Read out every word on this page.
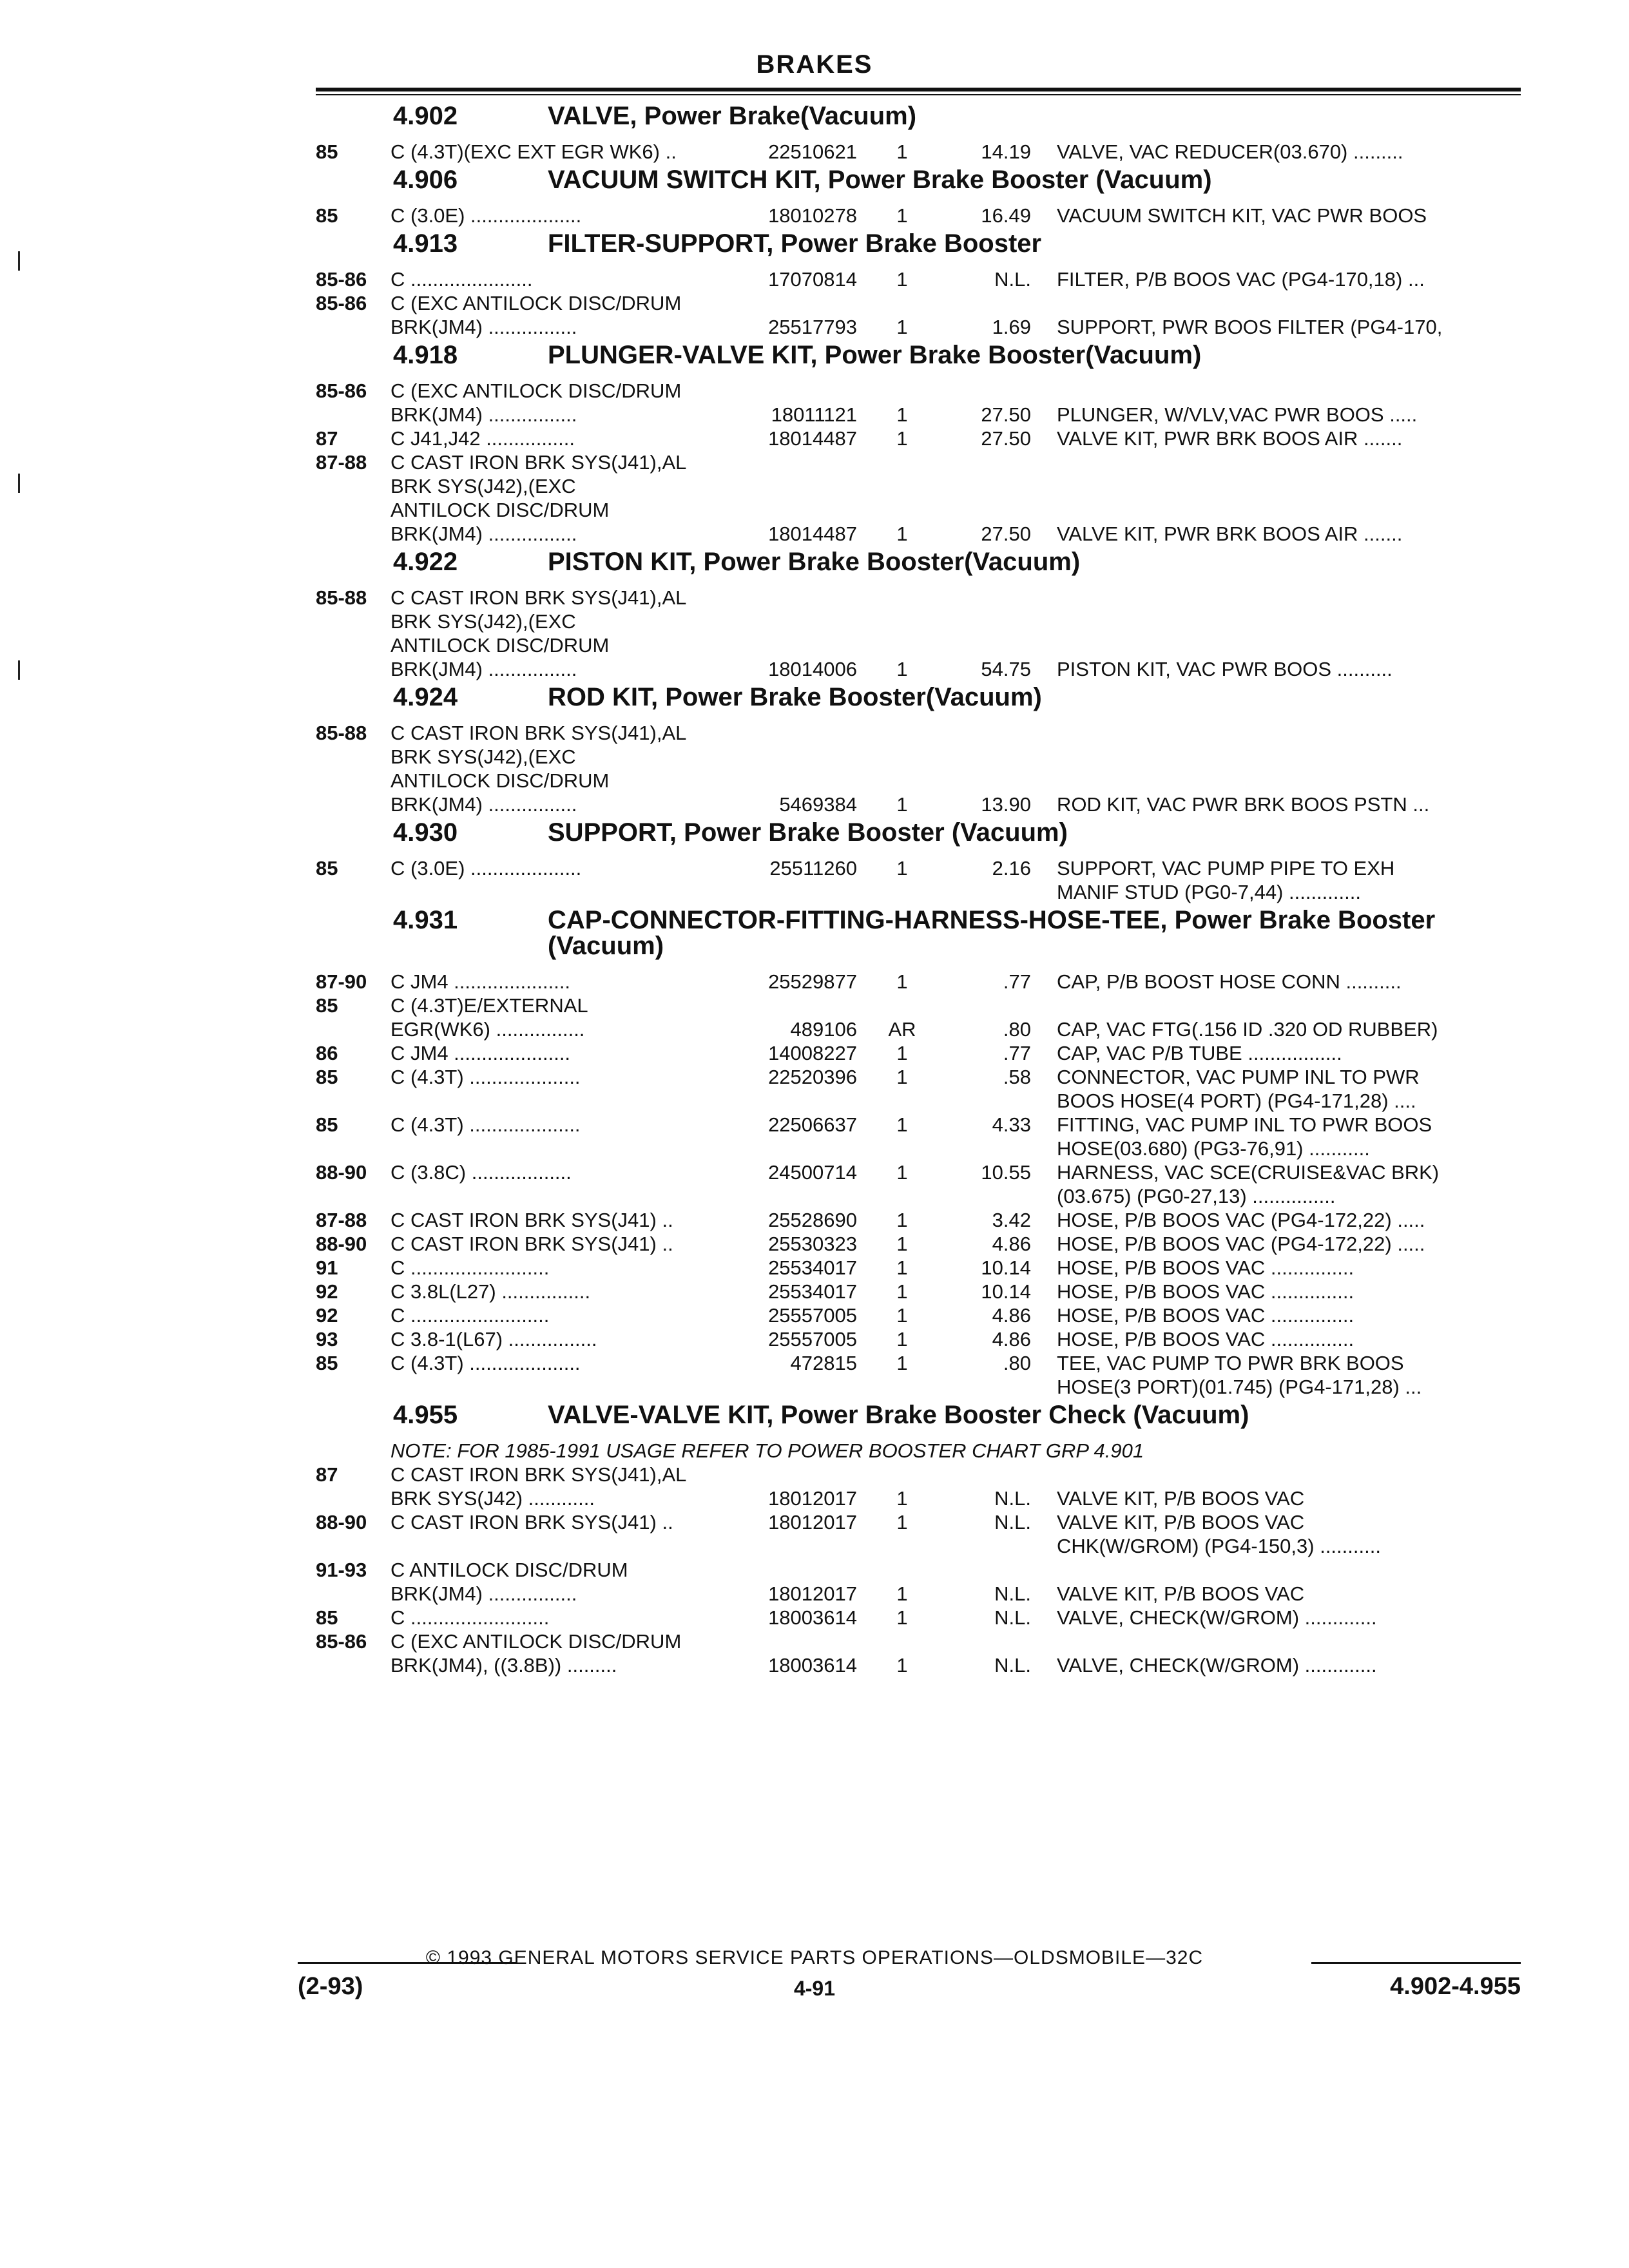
BRAKES
4.902	VALVE, Power Brake(Vacuum)
85	C (4.3T)(EXC EXT EGR WK6) ..	22510621	1	14.19 VALVE, VAC REDUCER(03.670) .........
4.906	VACUUM SWITCH KIT, Power Brake Booster (Vacuum)
85	C (3.0E) ....................	18010278	1	16.49 VACUUM SWITCH KIT, VAC PWR BOOS
4.913	FILTER-SUPPORT, Power Brake Booster
85-86 C ......................	17070814	1	N.L. FILTER, P/B BOOS VAC (PG4-170,18) ...
85-86 C (EXC ANTILOCK DISC/DRUM
BRK(JM4) ................	25517793	1	1.69 SUPPORT, PWR BOOS FILTER (PG4-170,
4.918	PLUNGER-VALVE KIT, Power Brake Booster(Vacuum)
85-86 C (EXC ANTILOCK DISC/DRUM
BRK(JM4) ................	18011121	1	27.50 PLUNGER, W/VLV,VAC PWR BOOS .....
87	C J41,J42 ................	18014487	1	27.50 VALVE KIT, PWR BRK BOOS AIR .......
87-88 C CAST IRON BRK SYS(J41),AL
BRK SYS(J42),(EXC
ANTILOCK DISC/DRUM
BRK(JM4) ................	18014487	1	27.50 VALVE KIT, PWR BRK BOOS AIR .......
4.922	PISTON KIT, Power Brake Booster(Vacuum)
85-88 C CAST IRON BRK SYS(J41),AL
BRK SYS(J42),(EXC
ANTILOCK DISC/DRUM
BRK(JM4) ................	18014006	1	54.75 PISTON KIT, VAC PWR BOOS ..........
4.924	ROD KIT, Power Brake Booster(Vacuum)
85-88 C CAST IRON BRK SYS(J41),AL
BRK SYS(J42),(EXC
ANTILOCK DISC/DRUM
BRK(JM4) ................	5469384	1	13.90 ROD KIT, VAC PWR BRK BOOS PSTN ...
4.930	SUPPORT, Power Brake Booster (Vacuum)
85	C (3.0E) ....................	25511260	1	2.16 SUPPORT, VAC PUMP PIPE TO EXH
MANIF STUD (PG0-7,44) .............
4.931	CAP-CONNECTOR-FITTING-HARNESS-HOSE-TEE, Power Brake Booster (Vacuum)
87-90 C JM4 .....................	25529877	1	.77 CAP, P/B BOOST HOSE CONN ..........
85	C (4.3T)E/EXTERNAL
EGR(WK6) ................	489106 AR	.80 CAP, VAC FTG(.156 ID .320 OD RUBBER)
86	C JM4 .....................	14008227	1	.77 CAP, VAC P/B TUBE .................
85	C (4.3T) ....................	22520396	1	.58 CONNECTOR, VAC PUMP INL TO PWR
BOOS HOSE(4 PORT) (PG4-171,28) ....
85	C (4.3T) ....................	22506637	1	4.33 FITTING, VAC PUMP INL TO PWR BOOS
HOSE(03.680) (PG3-76,91) ...........
88-90 C (3.8C) ..................	24500714	1	10.55 HARNESS, VAC SCE(CRUISE&VAC BRK)
(03.675) (PG0-27,13) ...............
87-88 C CAST IRON BRK SYS(J41) ..	25528690	1	3.42 HOSE, P/B BOOS VAC (PG4-172,22) .....
88-90 C CAST IRON BRK SYS(J41) ..	25530323	1	4.86 HOSE, P/B BOOS VAC (PG4-172,22) .....
91	C .........................	25534017	1	10.14 HOSE, P/B BOOS VAC ...............
92	C 3.8L(L27) ................	25534017	1	10.14 HOSE, P/B BOOS VAC ...............
92	C .........................	25557005	1	4.86 HOSE, P/B BOOS VAC ...............
93	C 3.8-1(L67) ................	25557005	1	4.86 HOSE, P/B BOOS VAC ...............
85	C (4.3T) ....................	472815	1	.80 TEE, VAC PUMP TO PWR BRK BOOS
HOSE(3 PORT)(01.745) (PG4-171,28) ...
4.955	VALVE-VALVE KIT, Power Brake Booster Check (Vacuum)
NOTE: FOR 1985-1991 USAGE REFER TO POWER BOOSTER CHART GRP 4.901
87	C CAST IRON BRK SYS(J41),AL
BRK SYS(J42) ............	18012017	1	N.L. VALVE KIT, P/B BOOS VAC
88-90 C CAST IRON BRK SYS(J41) ..	18012017	1	N.L. VALVE KIT, P/B BOOS VAC
CHK(W/GROM) (PG4-150,3) ...........
91-93 C ANTILOCK DISC/DRUM
BRK(JM4) ................	18012017	1	N.L. VALVE KIT, P/B BOOS VAC
85	C .........................	18003614	1	N.L. VALVE, CHECK(W/GROM) .............
85-86 C (EXC ANTILOCK DISC/DRUM
BRK(JM4), ((3.8B)) .........	18003614	1	N.L. VALVE, CHECK(W/GROM) .............
© 1993 GENERAL MOTORS SERVICE PARTS OPERATIONS—OLDSMOBILE—32C
(2-93)	4-91	4.902-4.955
